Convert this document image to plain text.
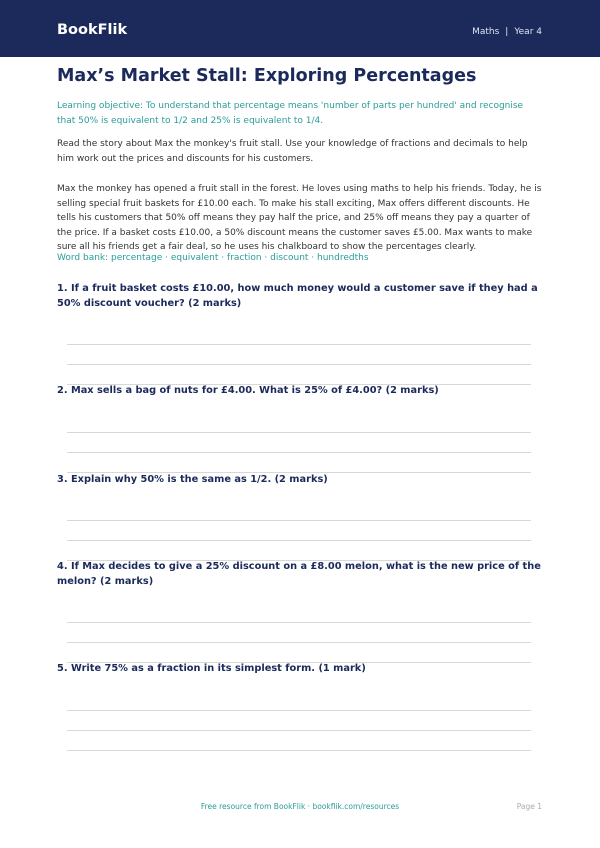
BookFlik	Maths | Year 4
Max’s Market Stall: Exploring Percentages

Learning objective: To understand that percentage means 'number of parts per hundred' and recognise that 50% is equivalent to 1/2 and 25% is equivalent to 1/4.

Read the story about Max the monkey's fruit stall. Use your knowledge of fractions and decimals to help him work out the prices and discounts for his customers.

Max the monkey has opened a fruit stall in the forest. He loves using maths to help his friends. Today, he is selling special fruit baskets for £10.00 each. To make his stall exciting, Max offers different discounts. He tells his customers that 50% off means they pay half the price, and 25% off means they pay a quarter of the price. If a basket costs £10.00, a 50% discount means the customer saves £5.00. Max wants to make sure all his friends get a fair deal, so he uses his chalkboard to show the percentages clearly.

Word bank: percentage · equivalent · fraction · discount · hundredths

1. If a fruit basket costs £10.00, how much money would a customer save if they had a 50% discount voucher? (2 marks)

2. Max sells a bag of nuts for £4.00. What is 25% of £4.00? (2 marks)

3. Explain why 50% is the same as 1/2. (2 marks)

4. If Max decides to give a 25% discount on a £8.00 melon, what is the new price of the melon? (2 marks)

5. Write 75% as a fraction in its simplest form. (1 mark)

Free resource from BookFlik · bookflik.com/resources	Page 1
